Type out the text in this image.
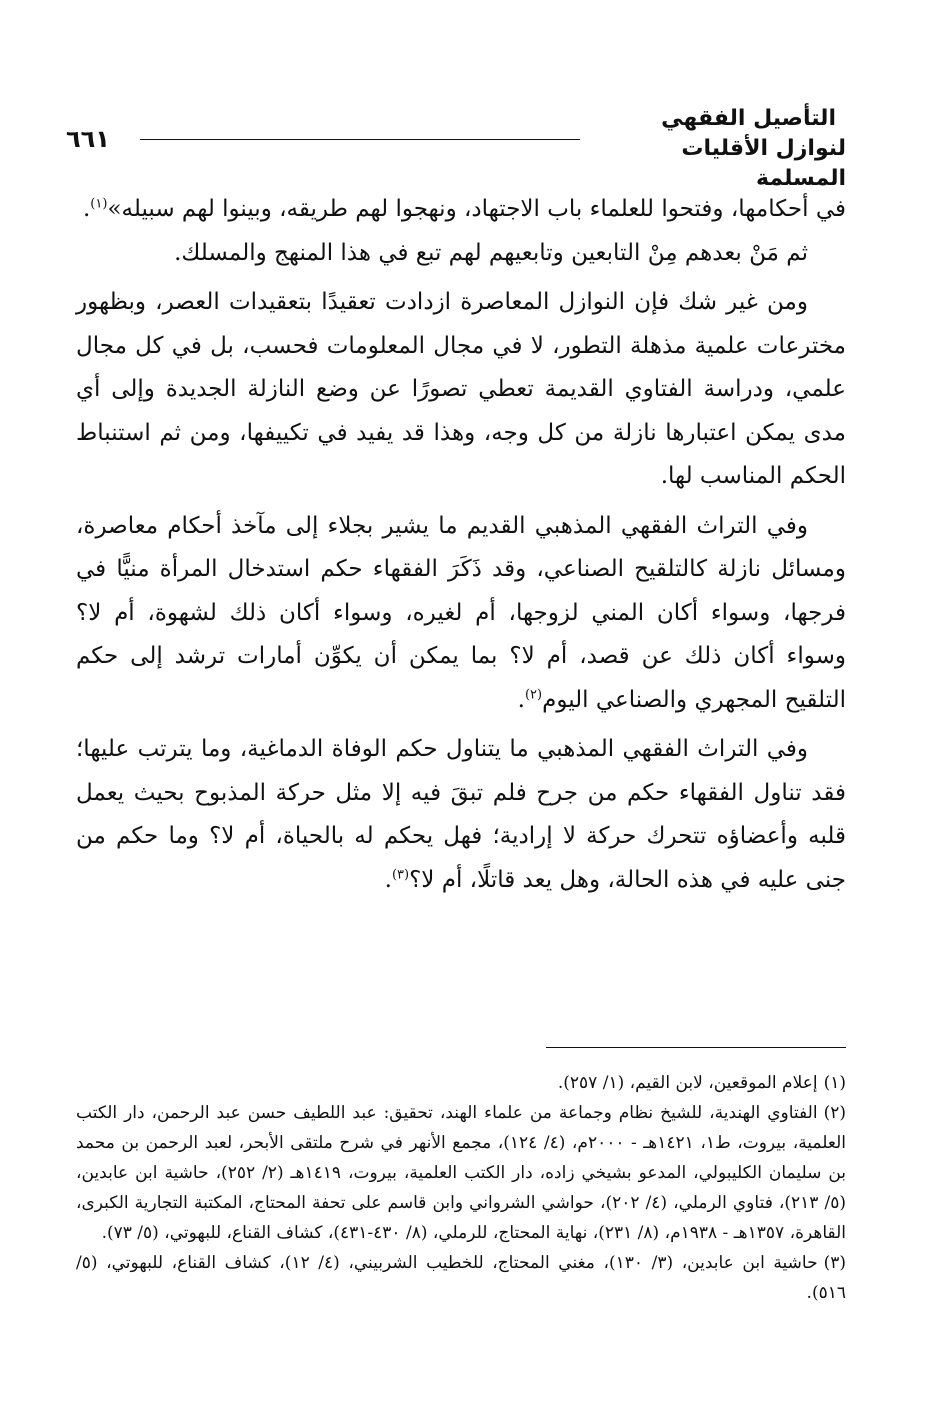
التأصيل الفقهي
لنوازل الأقليات المسلمة
٦٦١

في أحكامها، وفتحوا للعلماء باب الاجتهاد، ونهجوا لهم طريقه، وبينوا لهم سبيله»$^{(١)}$.

ثم مَنْ بعدهم مِنْ التابعين وتابعيهم لهم تبع في هذا المنهج والمسلك.

ومن غير شك فإن النوازل المعاصرة ازدادت تعقيدًا بتعقيدات العصر، وبظهور مخترعات علمية مذهلة التطور، لا في مجال المعلومات فحسب، بل في كل مجال علمي، ودراسة الفتاوي القديمة تعطي تصورًا عن وضع النازلة الجديدة وإلى أي مدى يمكن اعتبارها نازلة من كل وجه، وهذا قد يفيد في تكييفها، ومن ثم استنباط الحكم المناسب لها.

وفي التراث الفقهي المذهبي القديم ما يشير بجلاء إلى مآخذ أحكام معاصرة، ومسائل نازلة كالتلقيح الصناعي، وقد ذَكَرَ الفقهاء حكم استدخال المرأة منيًّا في فرجها، وسواء أكان المني لزوجها، أم لغيره، وسواء أكان ذلك لشهوة، أم لا؟ وسواء أكان ذلك عن قصد، أم لا؟ بما يمكن أن يكوِّن أمارات ترشد إلى حكم التلقيح المجهري والصناعي اليوم$^{(٢)}$.

وفي التراث الفقهي المذهبي ما يتناول حكم الوفاة الدماغية، وما يترتب عليها؛ فقد تناول الفقهاء حكم من جرح فلم تبقَ فيه إلا مثل حركة المذبوح بحيث يعمل قلبه وأعضاؤه تتحرك حركة لا إرادية؛ فهل يحكم له بالحياة، أم لا؟ وما حكم من جنى عليه في هذه الحالة، وهل يعد قاتلًا، أم لا؟$^{(٣)}$.

(١)إعلام الموقعين، لابن القيم، (١/ ٢٥٧).

(٢)الفتاوي الهندية، للشيخ نظام وجماعة من علماء الهند، تحقيق: عبد اللطيف حسن عبد الرحمن، دار الكتب العلمية، بيروت، ط١، ١٤٢١هـ - ٢٠٠٠م، (٤/ ١٢٤)، مجمع الأنهر في شرح ملتقى الأبحر، لعبد الرحمن بن محمد بن سليمان الكليبولي، المدعو بشيخي زاده، دار الكتب العلمية، بيروت، ١٤١٩هـ (٢/ ٢٥٢)، حاشية ابن عابدين، (٥/ ٢١٣)، فتاوي الرملي، (٤/ ٢٠٢)، حواشي الشرواني وابن قاسم على تحفة المحتاج، المكتبة التجارية الكبرى، القاهرة، ١٣٥٧هـ - ١٩٣٨م، (٨/ ٢٣١)، نهاية المحتاج، للرملي، (٨/ ٤٣٠-٤٣١)، كشاف القناع، للبهوتي، (٥/ ٧٣).

(٣)حاشية ابن عابدين، (٣/ ١٣٠)، مغني المحتاج، للخطيب الشربيني، (٤/ ١٢)، كشاف القناع، للبهوتي، (٥/ ٥١٦).
